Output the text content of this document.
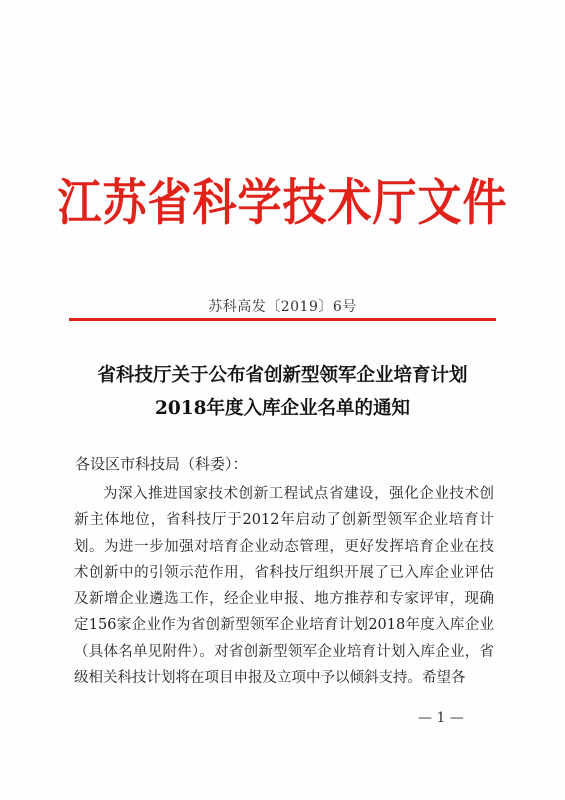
江苏省科学技术厅文件
苏科高发〔2019〕6号
省科技厅关于公布省创新型领军企业培育计划
2018年度入库企业名单的通知
各设区市科技局（科委）：
为深入推进国家技术创新工程试点省建设，强化企业技术创新主体地位，省科技厅于2012年启动了创新型领军企业培育计划。为进一步加强对培育企业动态管理，更好发挥培育企业在技术创新中的引领示范作用，省科技厅组织开展了已入库企业评估及新增企业遴选工作，经企业申报、地方推荐和专家评审，现确定156家企业作为省创新型领军企业培育计划2018年度入库企业（具体名单见附件）。对省创新型领军企业培育计划入库企业，省级相关科技计划将在项目申报及立项中予以倾斜支持。希望各
— 1 —
